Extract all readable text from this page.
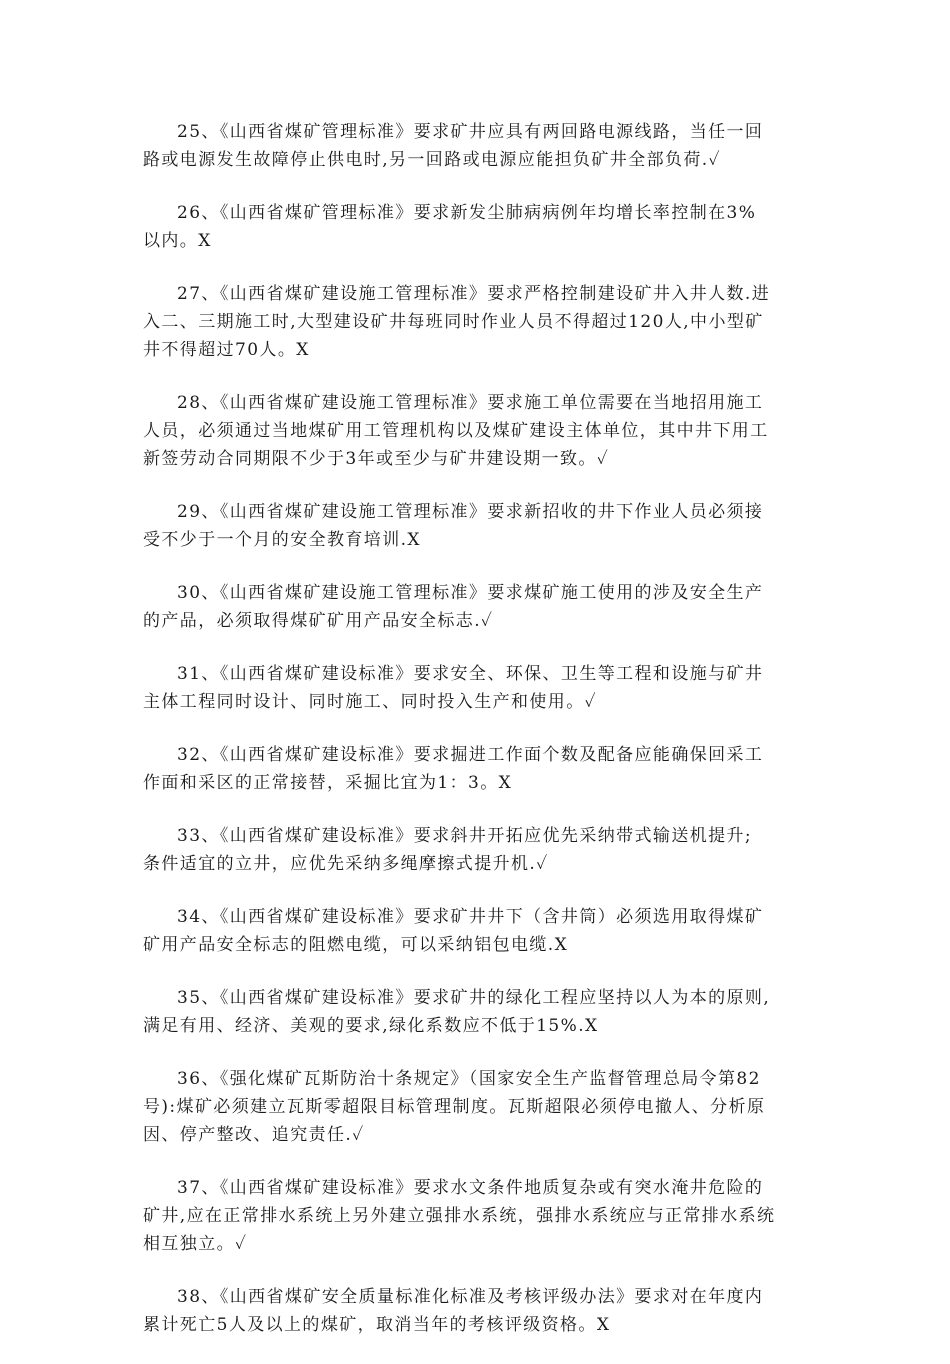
25、《山西省煤矿管理标准》要求矿井应具有两回路电源线路，当任一回
路或电源发生故障停止供电时,另一回路或电源应能担负矿井全部负荷.✓

26、《山西省煤矿管理标准》要求新发尘肺病病例年均增长率控制在3%
以内。X

27、《山西省煤矿建设施工管理标准》要求严格控制建设矿井入井人数.进
入二、三期施工时,大型建设矿井每班同时作业人员不得超过120人,中小型矿
井不得超过70人。X

28、《山西省煤矿建设施工管理标准》要求施工单位需要在当地招用施工
人员，必须通过当地煤矿用工管理机构以及煤矿建设主体单位，其中井下用工
新签劳动合同期限不少于3年或至少与矿井建设期一致。✓

29、《山西省煤矿建设施工管理标准》要求新招收的井下作业人员必须接
受不少于一个月的安全教育培训.X

30、《山西省煤矿建设施工管理标准》要求煤矿施工使用的涉及安全生产
的产品，必须取得煤矿矿用产品安全标志.✓

31、《山西省煤矿建设标准》要求安全、环保、卫生等工程和设施与矿井
主体工程同时设计、同时施工、同时投入生产和使用。✓

32、《山西省煤矿建设标准》要求掘进工作面个数及配备应能确保回采工
作面和采区的正常接替，采掘比宜为1：3。X

33、《山西省煤矿建设标准》要求斜井开拓应优先采纳带式输送机提升;
条件适宜的立井，应优先采纳多绳摩擦式提升机.✓

34、《山西省煤矿建设标准》要求矿井井下（含井筒）必须选用取得煤矿
矿用产品安全标志的阻燃电缆，可以采纳铝包电缆.X

35、《山西省煤矿建设标准》要求矿井的绿化工程应坚持以人为本的原则,
满足有用、经济、美观的要求,绿化系数应不低于15%.X

36、《强化煤矿瓦斯防治十条规定》（国家安全生产监督管理总局令第82
号):煤矿必须建立瓦斯零超限目标管理制度。瓦斯超限必须停电撤人、分析原
因、停产整改、追究责任.✓

37、《山西省煤矿建设标准》要求水文条件地质复杂或有突水淹井危险的
矿井,应在正常排水系统上另外建立强排水系统，强排水系统应与正常排水系统
相互独立。✓

38、《山西省煤矿安全质量标准化标准及考核评级办法》要求对在年度内
累计死亡5人及以上的煤矿，取消当年的考核评级资格。X
